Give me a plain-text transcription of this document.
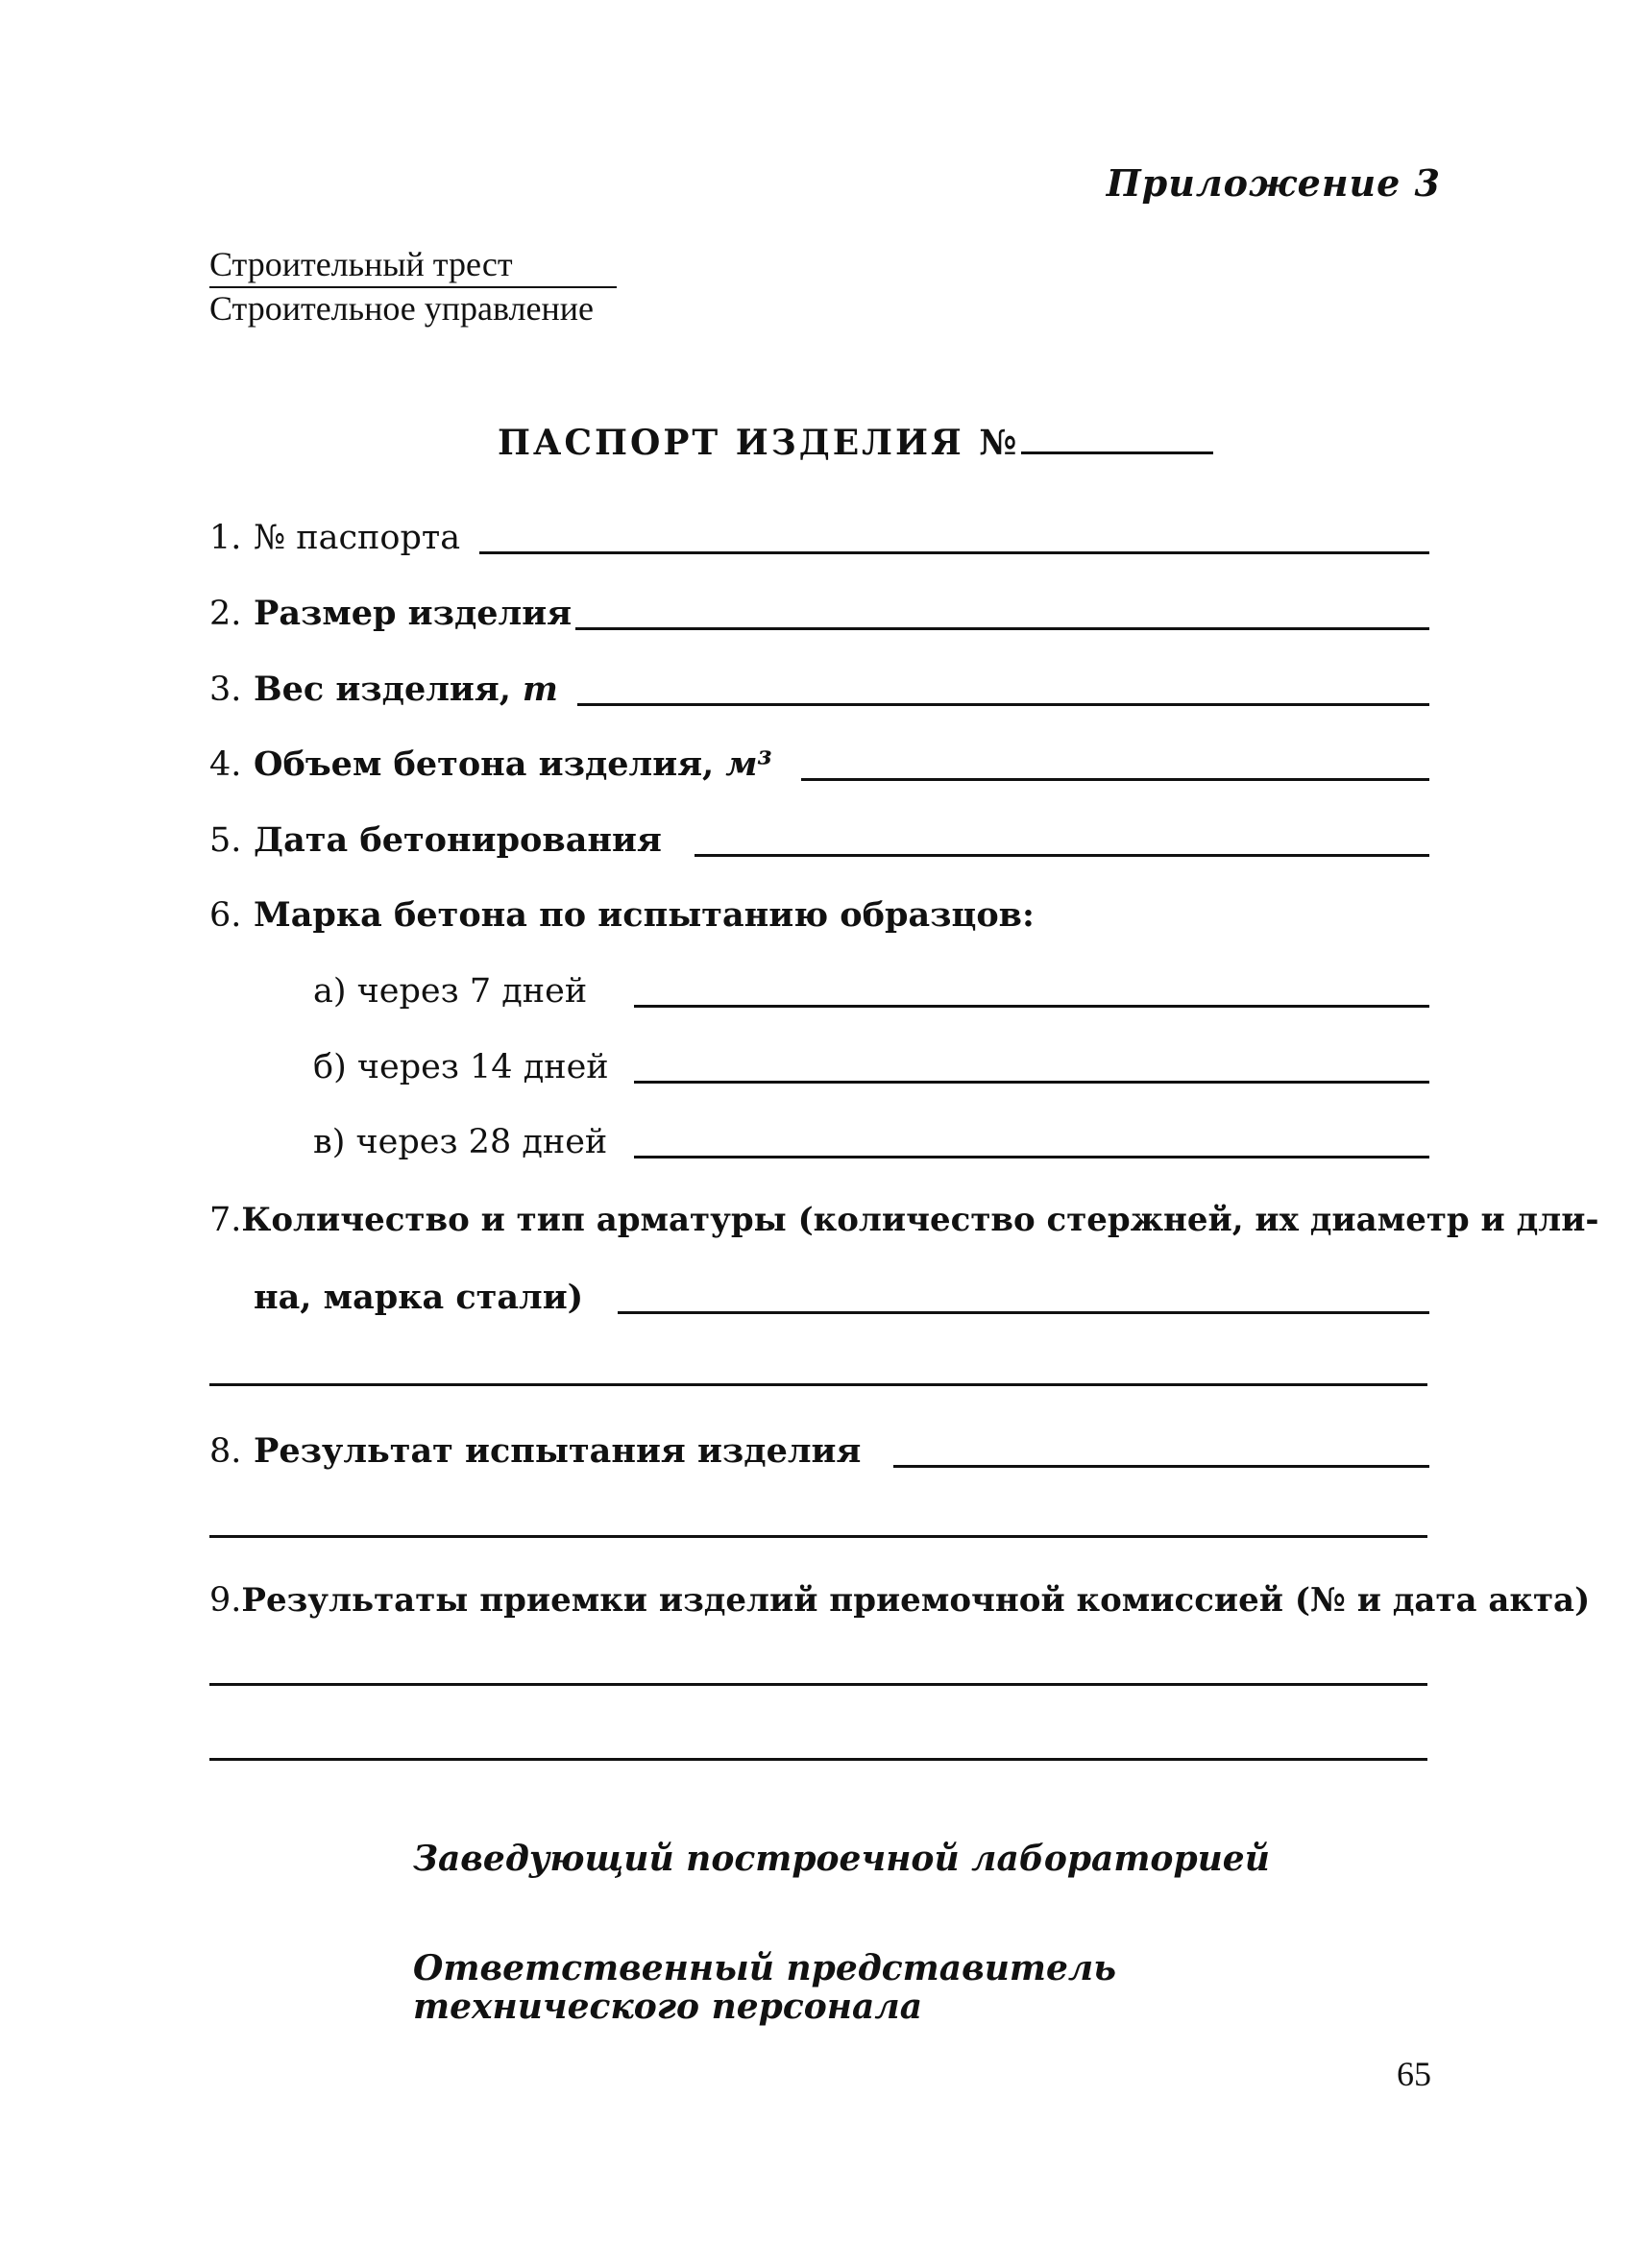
Приложение 3
Строительный трест
Строительное управление
ПАСПОРТ ИЗДЕЛИЯ №
1. № паспорта
2. Размер изделия
3. Вес изделия, т
4. Объем бетона изделия, м³
5. Дата бетонирования
6. Марка бетона по испытанию образцов:
а) через 7 дней
б) через 14 дней
в) через 28 дней
7. Количество и тип арматуры (количество стержней, их диаметр и дли-
на, марка стали)
8. Результат испытания изделия
9. Результаты приемки изделий приемочной комиссией (№ и дата акта)
Заведующий построечной лабораторией
Ответственный представитель
технического персонала
65
